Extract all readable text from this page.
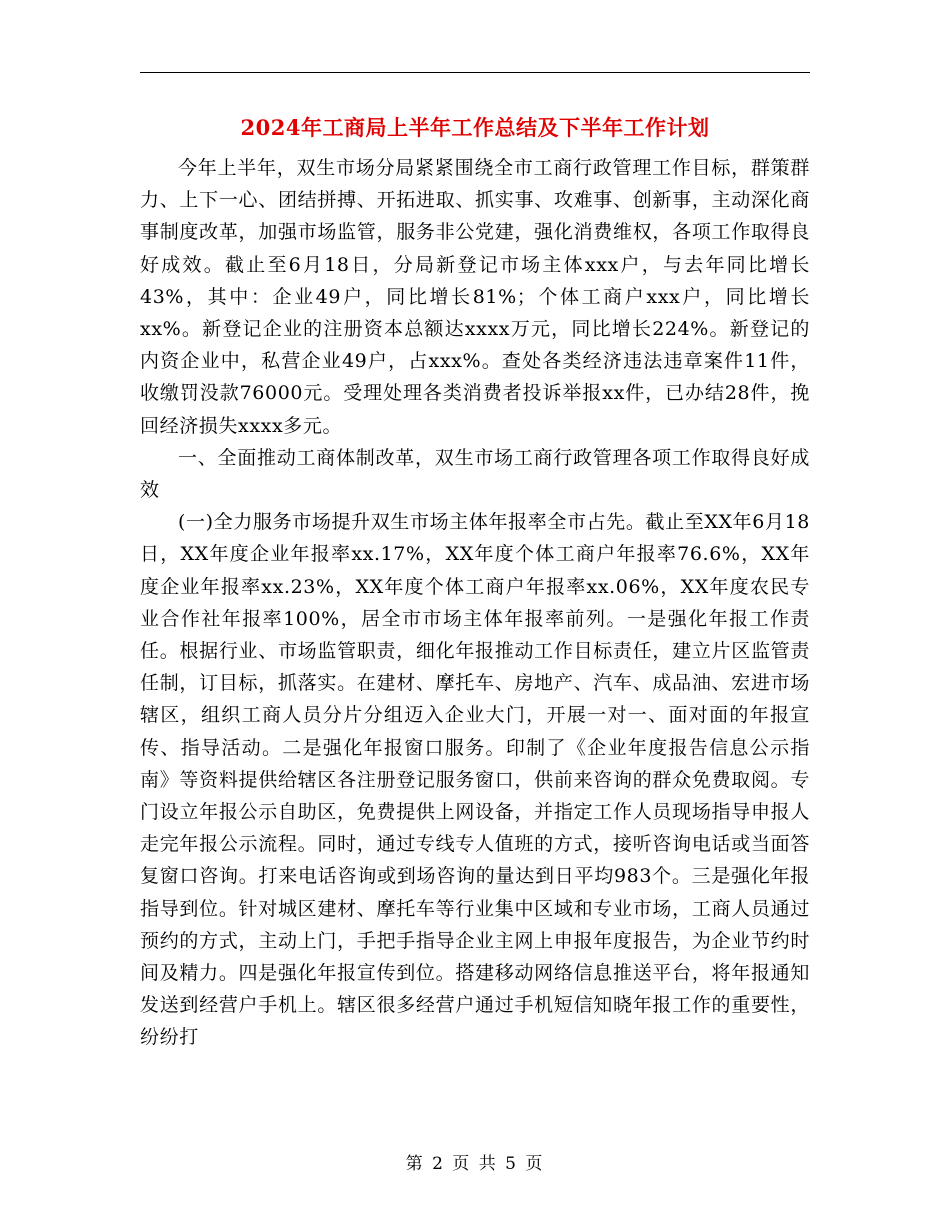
2024年工商局上半年工作总结及下半年工作计划

今年上半年，双生市场分局紧紧围绕全市工商行政管理工作目标，群策群力、上下一心、团结拼搏、开拓进取、抓实事、攻难事、创新事，主动深化商事制度改革，加强市场监管，服务非公党建，强化消费维权，各项工作取得良好成效。截止至6月18日，分局新登记市场主体xxx户，与去年同比增长43%，其中：企业49户，同比增长81%；个体工商户xxx户，同比增长xx%。新登记企业的注册资本总额达xxxx万元，同比增长224%。新登记的内资企业中，私营企业49户，占xxx%。查处各类经济违法违章案件11件，收缴罚没款76000元。受理处理各类消费者投诉举报xx件，已办结28件，挽回经济损失xxxx多元。

一、全面推动工商体制改革，双生市场工商行政管理各项工作取得良好成效

(一)全力服务市场提升双生市场主体年报率全市占先。截止至XX年6月18日，XX年度企业年报率xx.17%，XX年度个体工商户年报率76.6%，XX年度企业年报率xx.23%，XX年度个体工商户年报率xx.06%，XX年度农民专业合作社年报率100%，居全市市场主体年报率前列。一是强化年报工作责任。根据行业、市场监管职责，细化年报推动工作目标责任，建立片区监管责任制，订目标，抓落实。在建材、摩托车、房地产、汽车、成品油、宏进市场辖区，组织工商人员分片分组迈入企业大门，开展一对一、面对面的年报宣传、指导活动。二是强化年报窗口服务。印制了《企业年度报告信息公示指南》等资料提供给辖区各注册登记服务窗口，供前来咨询的群众免费取阅。专门设立年报公示自助区，免费提供上网设备，并指定工作人员现场指导申报人走完年报公示流程。同时，通过专线专人值班的方式，接听咨询电话或当面答复窗口咨询。打来电话咨询或到场咨询的量达到日平均983个。三是强化年报指导到位。针对城区建材、摩托车等行业集中区域和专业市场，工商人员通过预约的方式，主动上门，手把手指导企业主网上申报年度报告，为企业节约时间及精力。四是强化年报宣传到位。搭建移动网络信息推送平台，将年报通知发送到经营户手机上。辖区很多经营户通过手机短信知晓年报工作的重要性，纷纷打

第 2 页 共 5 页
